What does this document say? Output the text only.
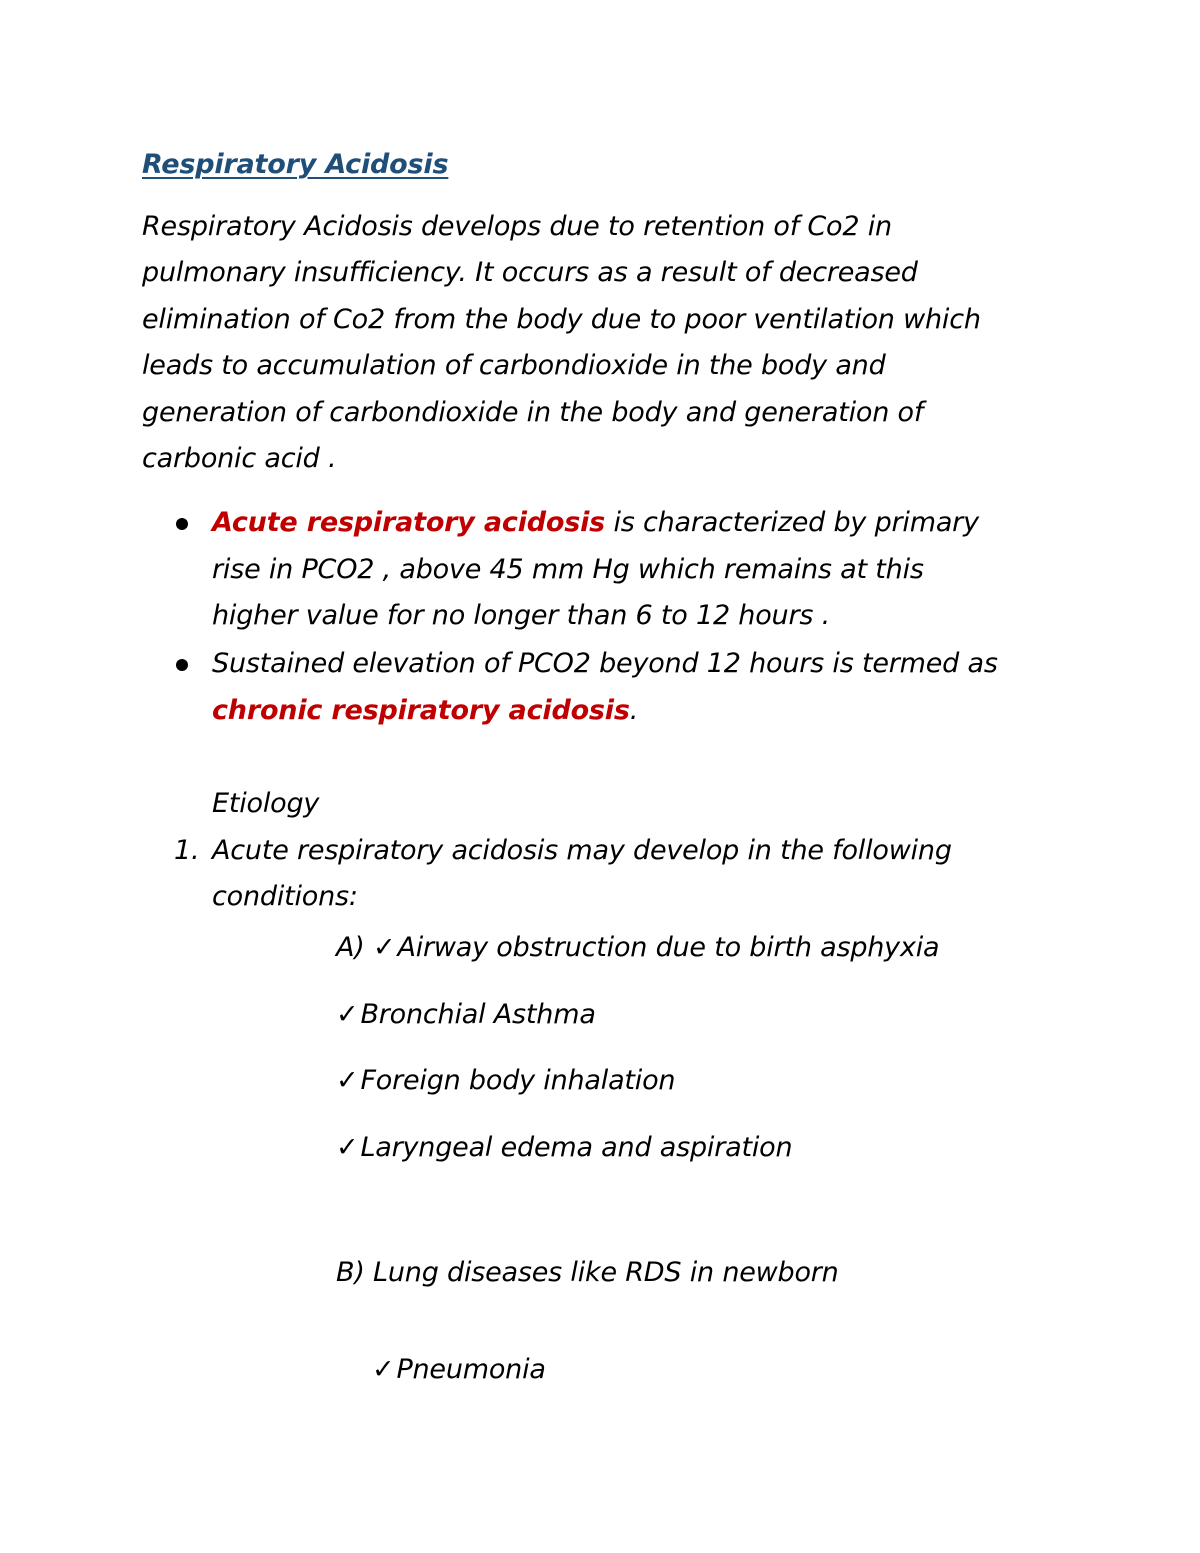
Respiratory Acidosis
Respiratory Acidosis develops due to retention of Co2 in
pulmonary insufficiency. It occurs as a result of decreased
elimination of Co2 from the body due to poor ventilation which
leads to accumulation of carbondioxide in the body and
generation of carbondioxide in the body and generation of
carbonic acid .
Acute respiratory acidosis is characterized by primary
rise in PCO2 , above 45 mm Hg which remains at this
higher value for no longer than 6 to 12 hours .
Sustained elevation of PCO2 beyond 12 hours is termed as
chronic respiratory acidosis.
Etiology
1. Acute respiratory acidosis may develop in the following
conditions:
A) ✓Airway obstruction due to birth asphyxia
✓Bronchial Asthma
✓Foreign body inhalation
✓Laryngeal edema and aspiration
B) Lung diseases like RDS in newborn
✓Pneumonia
